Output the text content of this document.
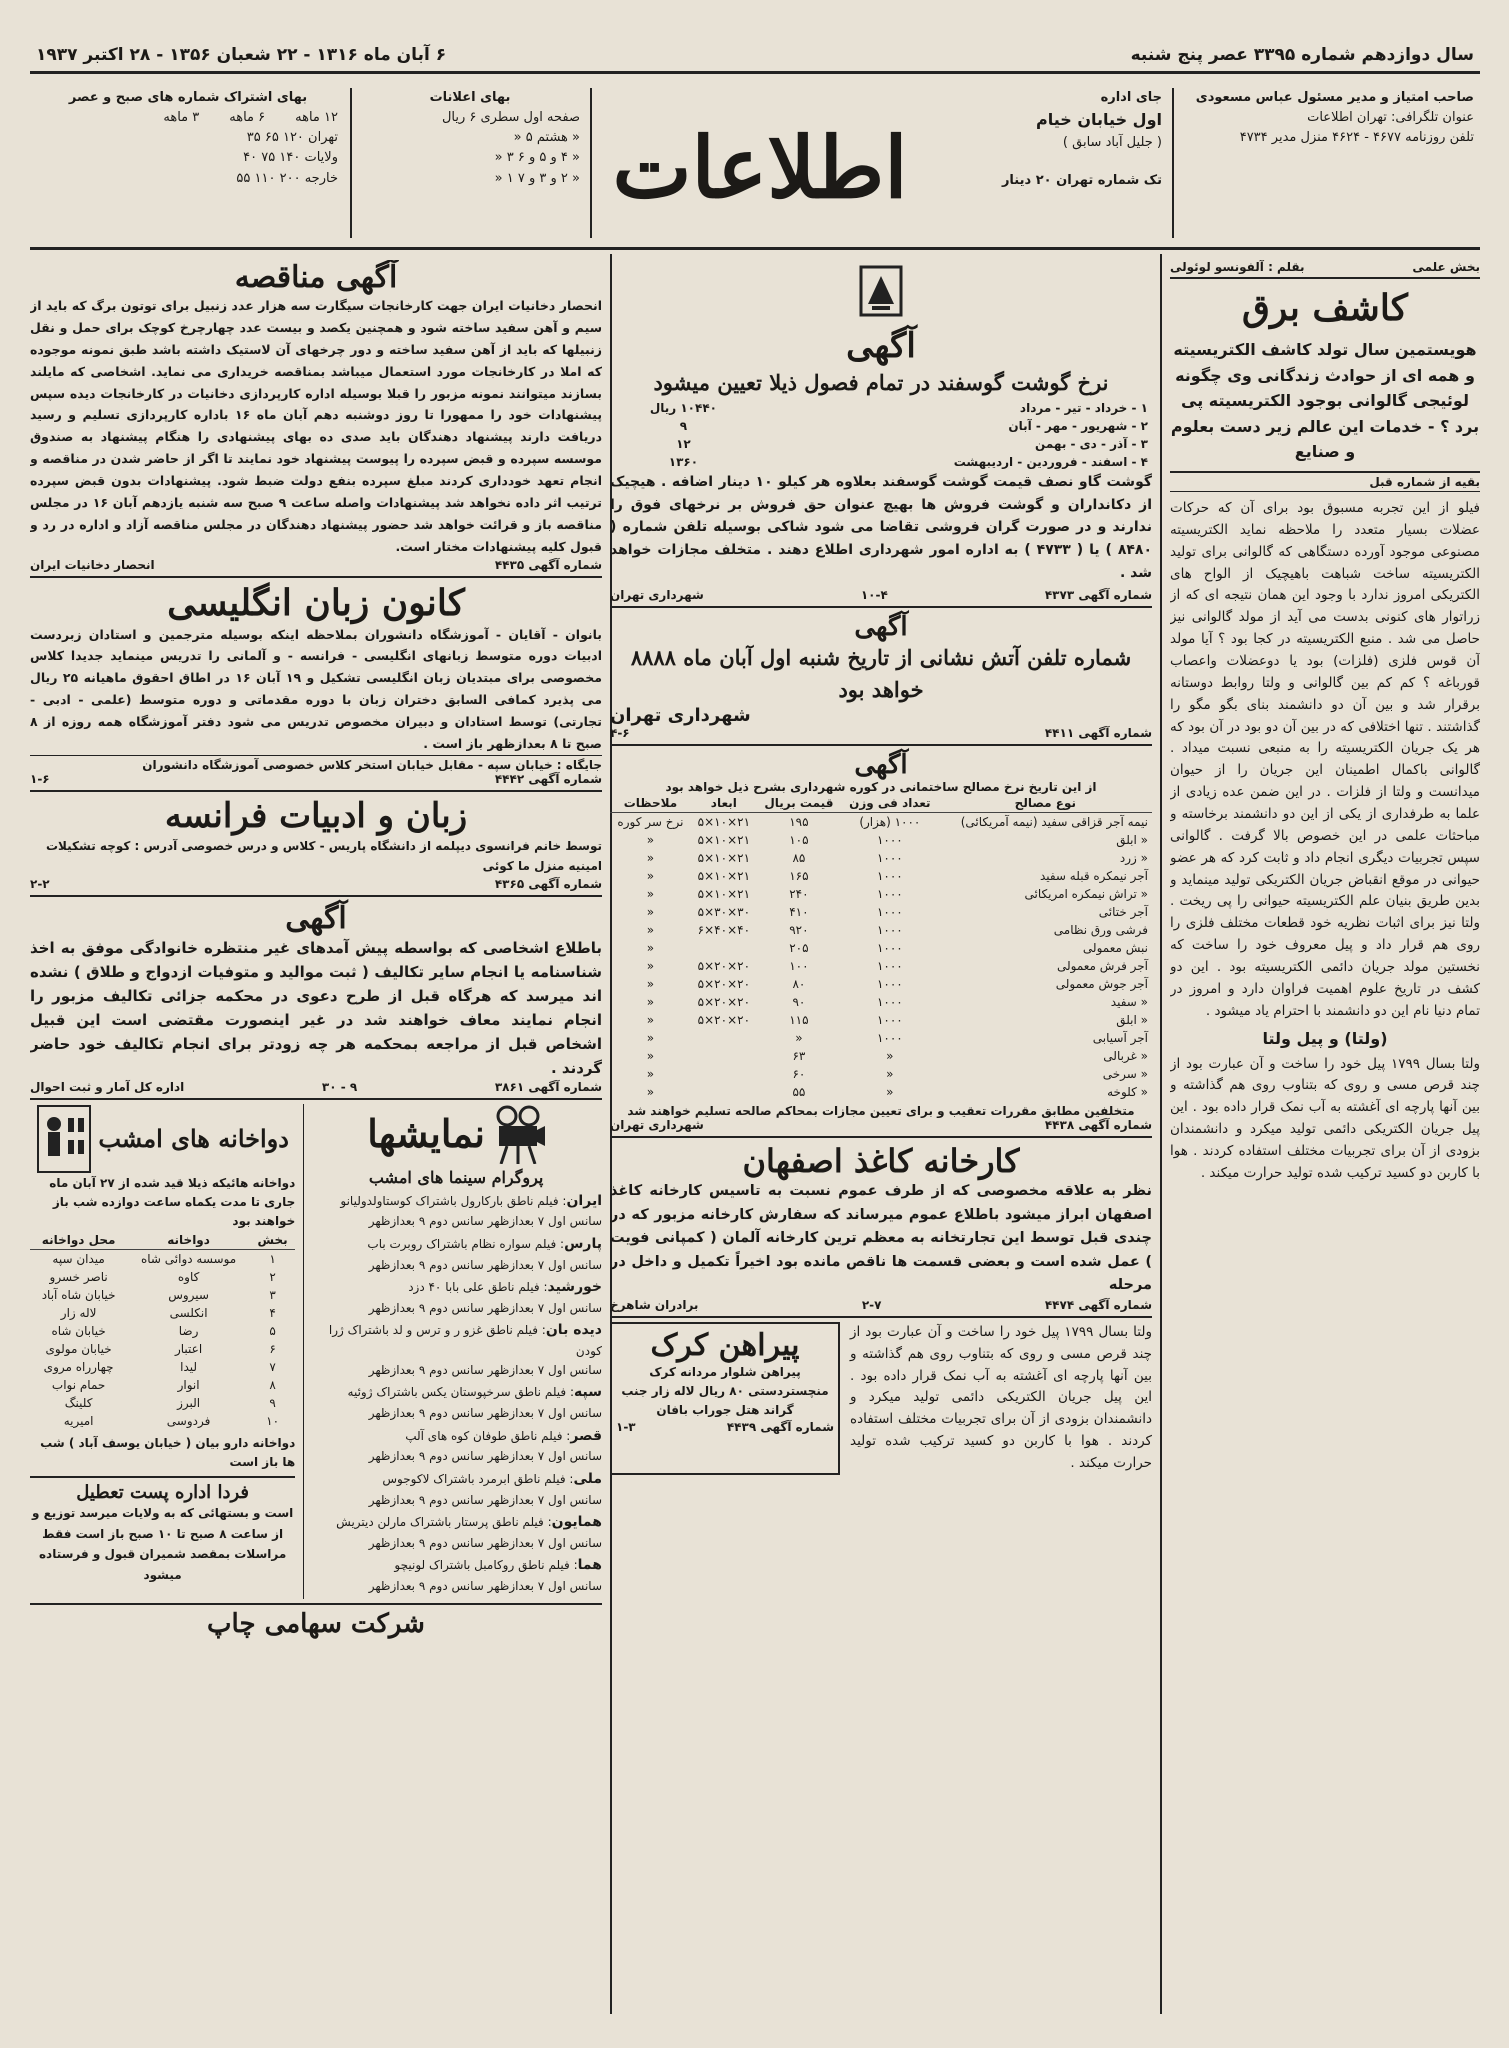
سال دوازدهم شماره ۳۳۹۵ عصر پنج شنبه
۶ آبان ماه ۱۳۱۶ - ۲۲ شعبان ۱۳۵۶ - ۲۸ اکتبر ۱۹۳۷
صاحب امتیاز و مدیر مسئول عباس مسعودی
عنوان تلگرافی: تهران اطلاعات
تلفن روزنامه ۴۶۷۷ - ۴۶۲۴ منزل مدیر ۴۷۳۴
جای اداره
اول خیابان خیام
( جلیل آباد سابق )
تک شماره تهران ۲۰ دینار
اطلاعات
بهای اعلانات
صفحه اول سطری ۶ ریال
« هشتم ۵ «
« ۴ و ۵ و ۶ ۳ «
« ۲ و ۳ و ۷ ۱ «
بهای اشتراک شماره های صبح و عصر
۱۲ ماهه
۶ ماهه
۳ ماهه
تهران ۱۲۰ ۶۵ ۳۵
ولایات ۱۴۰ ۷۵ ۴۰
خارجه ۲۰۰ ۱۱۰ ۵۵
بخش علمی
بقلم : آلفونسو لوئولی
کاشف برق
هویستمین سال تولد کاشف الکتریسیته و همه ای از حوادث زندگانی وی چگونه لوئیجی گالوانی بوجود الکتریسیته پی برد ؟ - خدمات این عالم زیر دست بعلوم و صنایع
بقیه از شماره قبل
فیلو از این تجربه مسبوق بود برای آن که حرکات عضلات بسیار متعدد را ملاحظه نماید الکتریسیته مصنوعی موجود آورده دستگاهی که گالوانی برای تولید الکتریسیته ساخت شباهت باهیچیک از الواح های الکتریکی امروز ندارد با وجود این همان نتیجه ای که از زراتوار های کنونی بدست می آید از مولد گالوانی نیز حاصل می شد . منبع الکتریسیته در کجا بود ؟ آیا مولد آن قوس فلزی (فلزات) بود یا دوعضلات واعصاب قورباغه ؟ کم کم بین گالوانی و ولتا روابط دوستانه برقرار شد و بین آن دو دانشمند بنای بگو مگو را گذاشتند . تنها اختلافی که در بین آن دو بود در آن بود که هر یک جریان الکتریسیته را به منبعی نسبت میداد . گالوانی باکمال اطمینان این جریان را از حیوان میدانست و ولتا از فلزات . در این ضمن عده زیادی از علما به طرفداری از یکی از این دو دانشمند برخاسته و مباحثات علمی در این خصوص بالا گرفت . گالوانی سپس تجربیات دیگری انجام داد و ثابت کرد که هر عضو حیوانی در موقع انقباض جریان الکتریکی تولید مینماید و بدین طریق بنیان علم الکتریسیته حیوانی را پی ریخت . ولتا نیز برای اثبات نظریه خود قطعات مختلف فلزی را روی هم قرار داد و پیل معروف خود را ساخت که نخستین مولد جریان دائمی الکتریسیته بود . این دو کشف در تاریخ علوم اهمیت فراوان دارد و امروز در تمام دنیا نام این دو دانشمند با احترام یاد میشود .
(ولتا) و پیل ولتا
ولتا بسال ۱۷۹۹ پیل خود را ساخت و آن عبارت بود از چند قرص مسی و روی که بتناوب روی هم گذاشته و بین آنها پارچه ای آغشته به آب نمک قرار داده بود . این پیل جریان الکتریکی دائمی تولید میکرد و دانشمندان بزودی از آن برای تجربیات مختلف استفاده کردند . هوا با کاربن دو کسید ترکیب شده تولید حرارت میکند .
آگهی
نرخ گوشت گوسفند در تمام فصول ذیلا تعیین میشود
۱ - خرداد - تیر - مرداد	۱۰۴۴۰ ریال
۲ - شهریور - مهر - آبان	۹
۳ - آذر - دی - بهمن	۱۲
۴ - اسفند - فروردین - اردیبهشت	۱۳۶۰
گوشت گاو نصف قیمت گوشت گوسفند بعلاوه هر کیلو ۱۰ دینار اضافه . هیچیک از دکانداران و گوشت فروش ها بهیچ عنوان حق فروش بر نرخهای فوق را ندارند و در صورت گران فروشی تقاضا می شود شاکی بوسیله تلفن شماره ( ۸۴۸۰ ) یا ( ۴۷۳۳ ) به اداره امور شهرداری اطلاع دهند . متخلف مجازات خواهد شد .
شماره آگهی ۴۳۷۳
۱۰-۴
شهرداری تهران
آگهی
شماره تلفن آتش نشانی از تاریخ شنبه اول آبان ماه ۸۸۸۸ خواهد بود
شهرداری تهران
شماره آگهی ۴۴۱۱
۴-۶
آگهی
از این تاریخ نرخ مصالح ساختمانی در کوره شهرداری بشرح ذیل خواهد بود
نوع مصالح	تعداد فی وزن	قیمت بریال	ابعاد	ملاحظات
نیمه آجر قزاقی سفید (نیمه آمریکائی)	۱۰۰۰ (هزار)	۱۹۵	۲۱×۱۰×۵	نرخ سر کوره
« ابلق	۱۰۰۰	۱۰۵	۲۱×۱۰×۵	«
« زرد	۱۰۰۰	۸۵	۲۱×۱۰×۵	«
آجر نیمکره قبله سفید	۱۰۰۰	۱۶۵	۲۱×۱۰×۵	«
« تراش نیمکره امریکائی	۱۰۰۰	۲۴۰	۲۱×۱۰×۵	«
آجر ختائی	۱۰۰۰	۴۱۰	۳۰×۳۰×۵	«
فرشی ورق نظامی	۱۰۰۰	۹۲۰	۴۰×۴۰×۶	«
نبش معمولی	۱۰۰۰	۲۰۵		«
آجر فرش معمولی	۱۰۰۰	۱۰۰	۲۰×۲۰×۵	«
آجر جوش معمولی	۱۰۰۰	۸۰	۲۰×۲۰×۵	«
« سفید	۱۰۰۰	۹۰	۲۰×۲۰×۵	«
« ابلق	۱۰۰۰	۱۱۵	۲۰×۲۰×۵	«
آجر آسیابی	۱۰۰۰	«		«
« غربالی	«	۶۳		«
« سرخی	«	۶۰		«
« کلوخه	«	۵۵		«
متخلفین مطابق مقررات تعقیب و برای تعیین مجازات بمحاکم صالحه تسلیم خواهند شد
شماره آگهی ۴۴۳۸
شهرداری تهران
کارخانه کاغذ اصفهان
نظر به علاقه مخصوصی که از طرف عموم نسبت به تاسیس کارخانه کاغذ اصفهان ابراز میشود باطلاع عموم میرساند که سفارش کارخانه مزبور که در چندی قبل توسط این تجارتخانه به معظم ترین کارخانه آلمان ( کمپانی فویت ) عمل شده است و بعضی قسمت ها ناقص مانده بود اخیراً تکمیل و داخل در مرحله
شماره آگهی ۴۴۷۴
۲-۷
برادران شاهرخ
ولتا بسال ۱۷۹۹ پیل خود را ساخت و آن عبارت بود از چند قرص مسی و روی که بتناوب روی هم گذاشته و بین آنها پارچه ای آغشته به آب نمک قرار داده بود . این پیل جریان الکتریکی دائمی تولید میکرد و دانشمندان بزودی از آن برای تجربیات مختلف استفاده کردند . هوا با کاربن دو کسید ترکیب شده تولید حرارت میکند .
پیراهن کرک
پیراهن شلوار مردانه کرک منچستردستی ۸۰ ریال لاله زار جنب گراند هتل جوراب بافان
شماره آگهی ۴۴۳۹
۱-۳
آگهی مناقصه
انحصار دخانیات ایران جهت کارخانجات سیگارت سه هزار عدد زنبیل برای توتون برگ که باید از سیم و آهن سفید ساخته شود و همچنین یکصد و بیست عدد چهارچرخ کوچک برای حمل و نقل زنبیلها که باید از آهن سفید ساخته و دور چرخهای آن لاستیک داشته باشد طبق نمونه موجوده که املا در کارخانجات مورد استعمال میباشد بمناقصه خریداری می نماید. اشخاصی که مایلند بسازند میتوانند نمونه مزبور را قبلا بوسیله اداره کارپردازی دخانیات در کارخانجات دیده سپس پیشنهادات خود را ممهورا تا روز دوشنبه دهم آبان ماه ۱۶ باداره کارپردازی تسلیم و رسید دریافت دارند پیشنهاد دهندگان باید صدی ده بهای پیشنهادی را هنگام پیشنهاد به صندوق موسسه سپرده و قبض سپرده را پیوست پیشنهاد خود نمایند تا اگر از حاضر شدن در مناقصه و انجام تعهد خودداری کردند مبلغ سپرده بنفع دولت ضبط شود. پیشنهادات بدون قبض سپرده ترتیب اثر داده نخواهد شد پیشنهادات واصله ساعت ۹ صبح سه شنبه یازدهم آبان ۱۶ در مجلس مناقصه باز و قرائت خواهد شد حضور پیشنهاد دهندگان در مجلس مناقصه آزاد و اداره در رد و قبول کلیه پیشنهادات مختار است.
شماره آگهی ۴۴۳۵
انحصار دخانیات ایران
کانون زبان انگلیسی
بانوان - آقایان - آموزشگاه دانشوران بملاحظه اینکه بوسیله مترجمین و استادان زبردست ادبیات دوره متوسط زبانهای انگلیسی - فرانسه - و آلمانی را تدریس مینماید جدیدا کلاس مخصوصی برای مبتدیان زبان انگلیسی تشکیل و ۱۹ آبان ۱۶ در اطاق احقوق ماهیانه ۲۵ ریال می پذیرد کمافی السابق دختران زبان با دوره مقدماتی و دوره متوسط (علمی - ادبی - تجارتی) توسط استادان و دبیران مخصوص تدریس می شود دفتر آموزشگاه همه روزه از ۸ صبح تا ۸ بعدازظهر باز است .
جایگاه : خیابان سپه - مقابل خیابان استخر کلاس خصوصی آموزشگاه دانشوران
شماره آگهی ۴۴۴۲
۱-۶
زبان و ادبیات فرانسه
توسط خانم فرانسوی دیپلمه از دانشگاه پاریس - کلاس و درس خصوصی آدرس : کوچه تشکیلات امینیه منزل ما کوئی
شماره آگهی ۴۳۶۵
۲-۲
آگهی
باطلاع اشخاصی که بواسطه پیش آمدهای غیر منتظره خانوادگی موفق به اخذ شناسنامه یا انجام سایر تکالیف ( ثبت موالید و متوفیات ازدواج و طلاق ) نشده اند میرسد که هرگاه قبل از طرح دعوی در محکمه جزائی تکالیف مزبور را انجام نمایند معاف خواهند شد در غیر اینصورت مقتضی است این قبیل اشخاص قبل از مراجعه بمحکمه هر چه زودتر برای انجام تکالیف خود حاضر گردند .
شماره آگهی ۳۸۶۱
۹ - ۳۰
اداره کل آمار و ثبت احوال
نمایشها
پروگرام سینما های امشب
ایران: فیلم ناطق بارکارول باشتراک کوستاولدولیانو
سانس اول ۷ بعدازظهر سانس دوم ۹ بعدازظهر
پارس: فیلم سواره نظام باشتراک روبرت باب
سانس اول ۷ بعدازظهر سانس دوم ۹ بعدازظهر
خورشید: فیلم ناطق علی بابا ۴۰ دزد
سانس اول ۷ بعدازظهر سانس دوم ۹ بعدازظهر
دیده بان: فیلم ناطق غزو ر و ترس و لد باشتراک ژرا کودن
سانس اول ۷ بعدازظهر سانس دوم ۹ بعدازظهر
سپه: فیلم ناطق سرخپوستان یکس باشتراک ژوئیه
سانس اول ۷ بعدازظهر سانس دوم ۹ بعدازظهر
قصر: فیلم ناطق طوفان کوه های آلپ
سانس اول ۷ بعدازظهر سانس دوم ۹ بعدازظهر
ملی: فیلم ناطق ابرمرد باشتراک لاکوجوس
سانس اول ۷ بعدازظهر سانس دوم ۹ بعدازظهر
همایون: فیلم ناطق پرستار باشتراک مارلن دیتریش
سانس اول ۷ بعدازظهر سانس دوم ۹ بعدازظهر
هما: فیلم ناطق روکامبل باشتراک لونیچو
سانس اول ۷ بعدازظهر سانس دوم ۹ بعدازظهر
دواخانه های امشب
دواخانه هائیکه ذیلا قید شده از ۲۷ آبان ماه جاری تا مدت یکماه ساعت دوازده شب باز خواهند بود
بخش	دواخانه	محل دواخانه
۱	موسسه دوائی شاه	میدان سپه
۲	کاوه	ناصر خسرو
۳	سیروس	خیابان شاه آباد
۴	انکلسی	لاله زار
۵	رضا	خیابان شاه
۶	اعتبار	خیابان مولوی
۷	لیدا	چهارراه مروی
۸	انوار	حمام نواب
۹	البرز	کلینگ
۱۰	فردوسی	امیریه
دواخانه دارو بیان ( خیابان یوسف آباد ) شب ها باز است
فردا اداره پست تعطیل
است و بستهائی که به ولایات میرسد توزیع و از ساعت ۸ صبح تا ۱۰ صبح باز است فقط مراسلات بمقصد شمیران قبول و فرستاده میشود
شرکت سهامی چاپ
